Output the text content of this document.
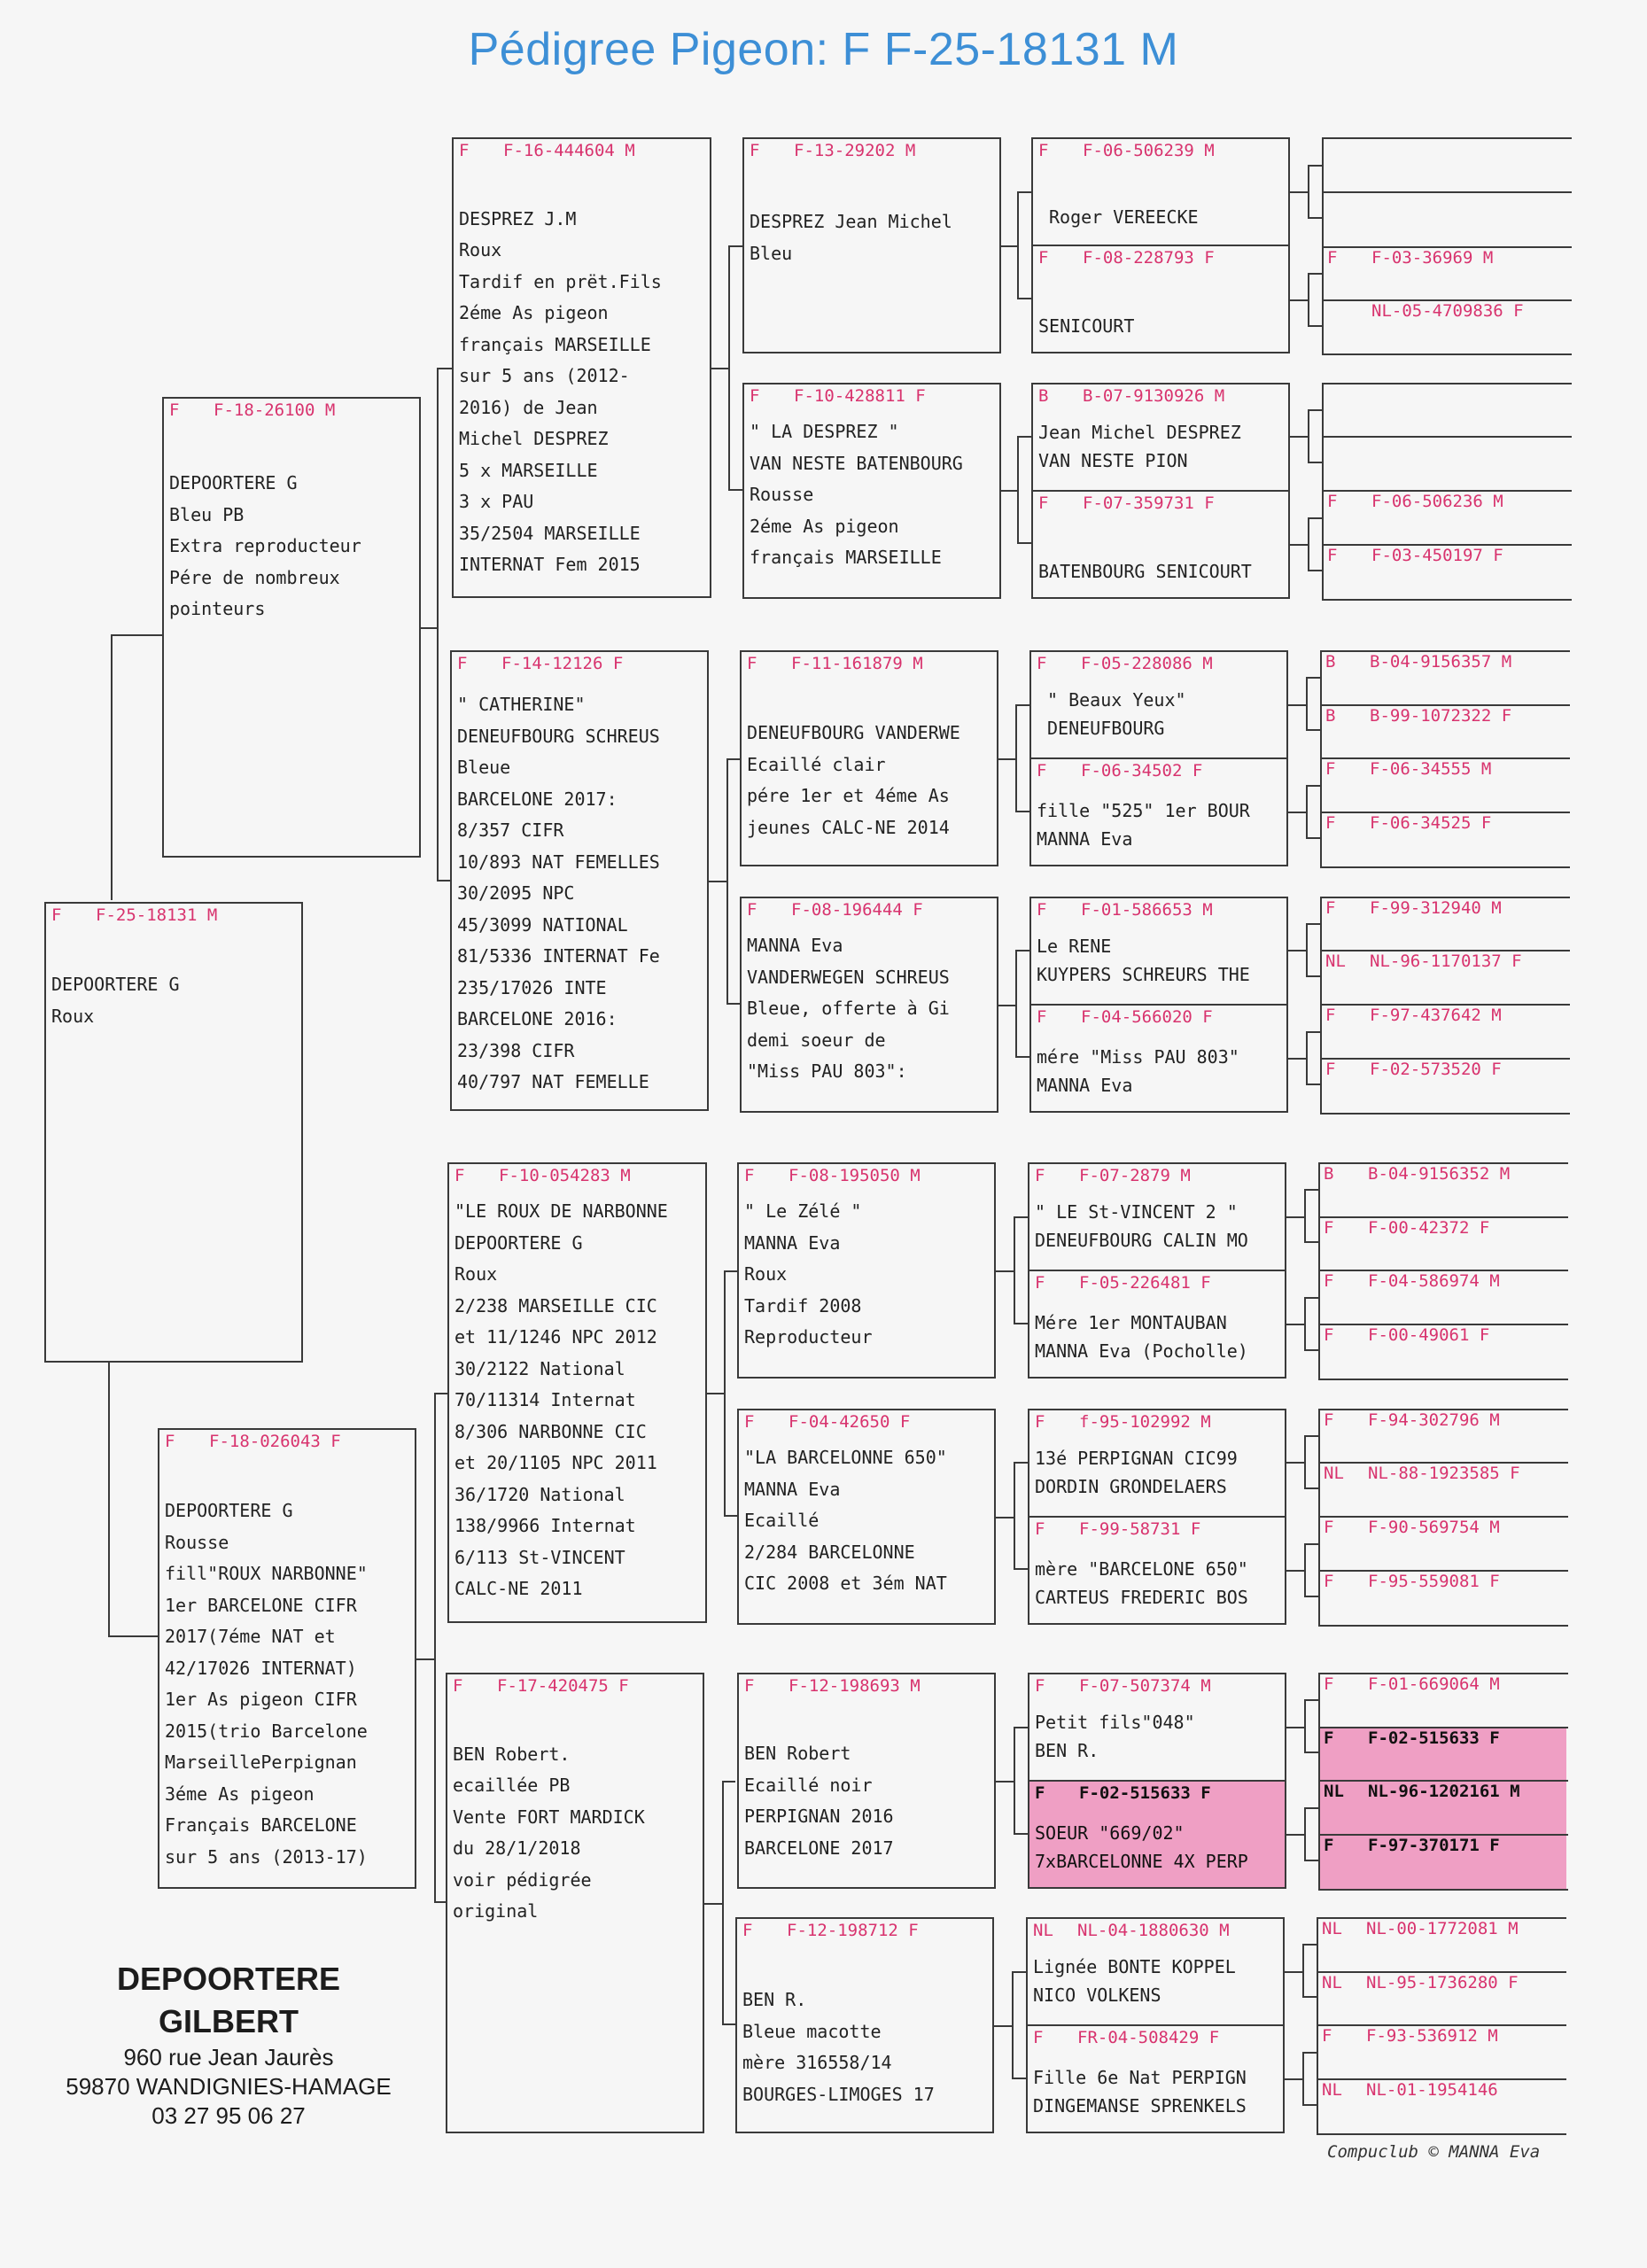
Pédigree Pigeon: F F-25-18131 M
F F-25-18131 M
DEPOORTERE G
Roux
F F-18-26100 M
DEPOORTERE G
Bleu PB
Extra reproducteur
Pére de nombreux
pointeurs
F F-18-026043 F
DEPOORTERE G
Rousse
fill"ROUX NARBONNE"
1er BARCELONE CIFR
2017(7éme NAT et
42/17026 INTERNAT)
1er As pigeon CIFR
2015(trio Barcelone
MarseillePerpignan
3éme As pigeon
Français BARCELONE
sur 5 ans (2013-17)
F F-16-444604 M
DESPREZ J.M
Roux
Tardif en prët.Fils
2éme As pigeon
français MARSEILLE
sur 5 ans (2012-
2016) de Jean
Michel DESPREZ
5 x MARSEILLE
3 x PAU
35/2504 MARSEILLE
INTERNAT Fem 2015
F F-14-12126 F
" CATHERINE"
DENEUFBOURG SCHREUS
Bleue
BARCELONE 2017:
8/357 CIFR
10/893 NAT FEMELLES
30/2095 NPC
45/3099 NATIONAL
81/5336 INTERNAT Fe
235/17026 INTE
BARCELONE 2016:
23/398 CIFR
40/797 NAT FEMELLE
F F-10-054283 M
"LE ROUX DE NARBONNE
DEPOORTERE G
Roux
2/238 MARSEILLE CIC
et 11/1246 NPC 2012
30/2122 National
70/11314 Internat
8/306 NARBONNE CIC
et 20/1105 NPC 2011
36/1720 National
138/9966 Internat
6/113 St-VINCENT
CALC-NE 2011
F F-17-420475 F
BEN Robert.
ecaillée PB
Vente FORT MARDICK
du 28/1/2018
voir pédigrée
original
F F-13-29202 M
DESPREZ Jean Michel
Bleu
F F-10-428811 F
" LA DESPREZ "
VAN NESTE BATENBOURG
Rousse
2éme As pigeon
français MARSEILLE
F F-11-161879 M
DENEUFBOURG VANDERWE
Ecaillé clair
pére 1er et 4éme As
jeunes CALC-NE 2014
F F-08-196444 F
MANNA Eva
VANDERWEGEN SCHREUS
Bleue, offerte à Gi
demi soeur de
"Miss PAU 803":
F F-08-195050 M
" Le Zélé "
MANNA Eva
Roux
Tardif 2008
Reproducteur
F F-04-42650 F
"LA BARCELONNE 650"
MANNA Eva
Ecaillé
2/284 BARCELONNE
CIC 2008 et 3ém NAT
F F-12-198693 M
BEN Robert
Ecaillé noir
PERPIGNAN 2016
BARCELONE 2017
F F-12-198712 F
BEN R.
Bleue macotte
mère 316558/14
BOURGES-LIMOGES 17
F F-06-506239 M
Roger VEREECKE
F F-08-228793 F
SENICOURT
B B-07-9130926 M
Jean Michel DESPREZ
VAN NESTE PION
F F-07-359731 F
BATENBOURG SENICOURT
F F-05-228086 M
" Beaux Yeux"
DENEUFBOURG
F F-06-34502 F
fille "525" 1er BOUR
MANNA Eva
F F-01-586653 M
Le RENE
KUYPERS SCHREURS THE
F F-04-566020 F
mére "Miss PAU 803"
MANNA Eva
F F-07-2879 M
" LE St-VINCENT 2 "
DENEUFBOURG CALIN MO
F F-05-226481 F
Mére 1er MONTAUBAN
MANNA Eva (Pocholle)
F f-95-102992 M
13é PERPIGNAN CIC99
DORDIN GRONDELAERS
F F-99-58731 F
mère "BARCELONE 650"
CARTEUS FREDERIC BOS
F F-07-507374 M
Petit fils"048"
BEN R.
F F-02-515633 F
SOEUR "669/02"
7xBARCELONNE 4X PERP
NL NL-04-1880630 M
Lignée BONTE KOPPEL
NICO VOLKENS
F FR-04-508429 F
Fille 6e Nat PERPIGN
DINGEMANSE SPRENKELS
F F-03-36969 M
NL-05-4709836 F
F F-06-506236 M
F F-03-450197 F
B B-04-9156357 M
B B-99-1072322 F
F F-06-34555 M
F F-06-34525 F
F F-99-312940 M
NL NL-96-1170137 F
F F-97-437642 M
F F-02-573520 F
B B-04-9156352 M
F F-00-42372 F
F F-04-586974 M
F F-00-49061 F
F F-94-302796 M
NL NL-88-1923585 F
F F-90-569754 M
F F-95-559081 F
F F-01-669064 M
F F-02-515633 F
NL NL-96-1202161 M
F F-97-370171 F
NL NL-00-1772081 M
NL NL-95-1736280 F
F F-93-536912 M
NL NL-01-1954146
DEPOORTERE GILBERT
960 rue Jean Jaurès
59870 WANDIGNIES-HAMAGE
03 27 95 06 27
Compuclub © MANNA Eva
